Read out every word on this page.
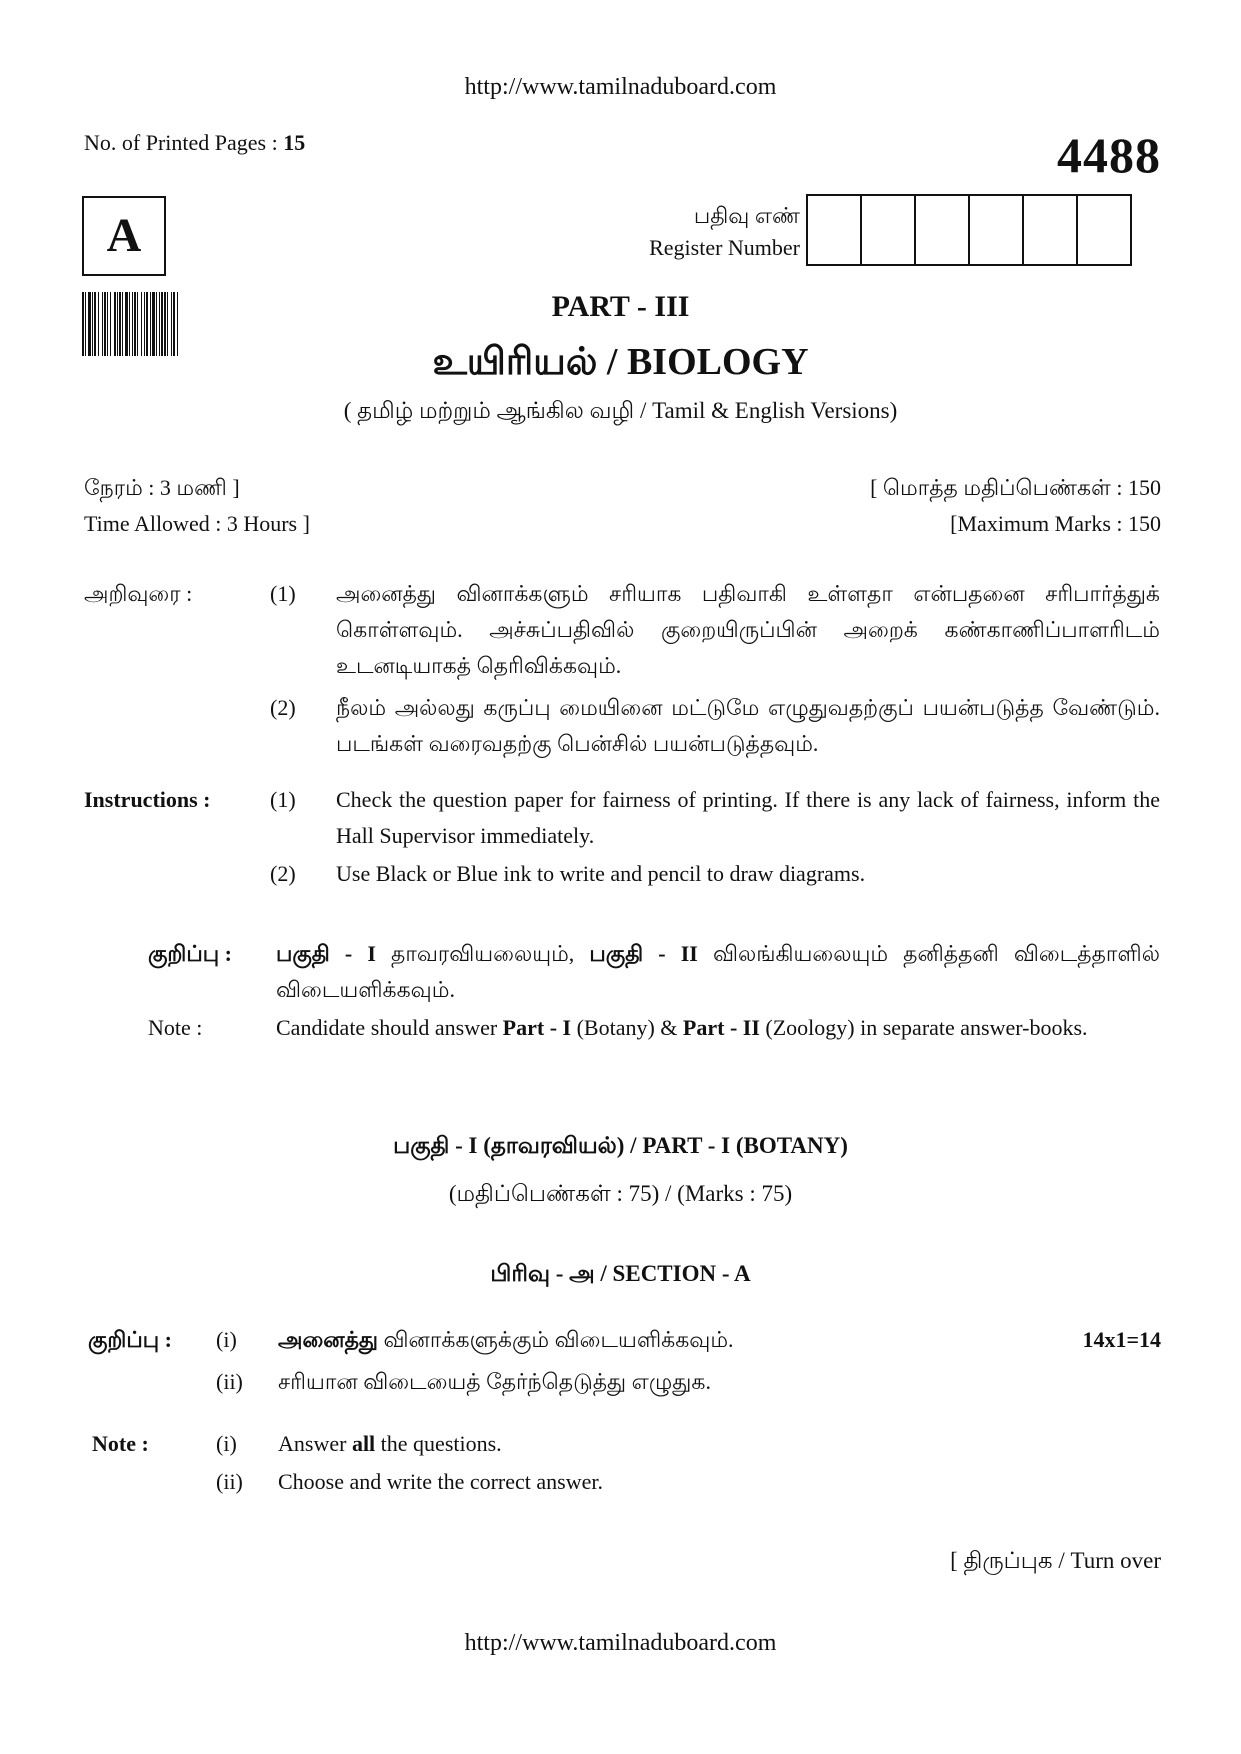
http://www.tamilnaduboard.com
No. of Printed Pages : 15	4488
A	பதிவு எண்
Register Number
PART - III
உயிரியல் / BIOLOGY
( தமிழ் மற்றும் ஆங்கில வழி / Tamil & English Versions)
நேரம் : 3 மணி ]
Time Allowed : 3 Hours ]
[ மொத்த மதிப்பெண்கள் : 150
[Maximum Marks : 150
அறிவுரை :	(1) அனைத்து வினாக்களும் சரியாக பதிவாகி உள்ளதா என்பதனை சரிபார்த்துக் கொள்ளவும். அச்சுப்பதிவில் குறையிருப்பின் அறைக் கண்காணிப்பாளரிடம் உடனடியாகத் தெரிவிக்கவும்.
(2) நீலம் அல்லது கருப்பு மையினை மட்டுமே எழுதுவதற்குப் பயன்படுத்த வேண்டும். படங்கள் வரைவதற்கு பென்சில் பயன்படுத்தவும்.
Instructions :	(1) Check the question paper for fairness of printing. If there is any lack of fairness, inform the Hall Supervisor immediately.
(2) Use Black or Blue ink to write and pencil to draw diagrams.
குறிப்பு : பகுதி - I தாவரவியலையும், பகுதி - II விலங்கியலையும் தனித்தனி விடைத்தாளில் விடையளிக்கவும்.
Note :	Candidate should answer Part - I (Botany) & Part - II (Zoology) in separate answer-books.
பகுதி - I (தாவரவியல்) / PART - I (BOTANY)
(மதிப்பெண்கள் : 75) / (Marks : 75)
பிரிவு - அ / SECTION - A
குறிப்பு : (i) அனைத்து வினாக்களுக்கும் விடையளிக்கவும்.	14x1=14
(ii) சரியான விடையைத் தேர்ந்தெடுத்து எழுதுக.
Note :	(i) Answer all the questions.
(ii) Choose and write the correct answer.
[ திருப்புக / Turn over
http://www.tamilnaduboard.com
